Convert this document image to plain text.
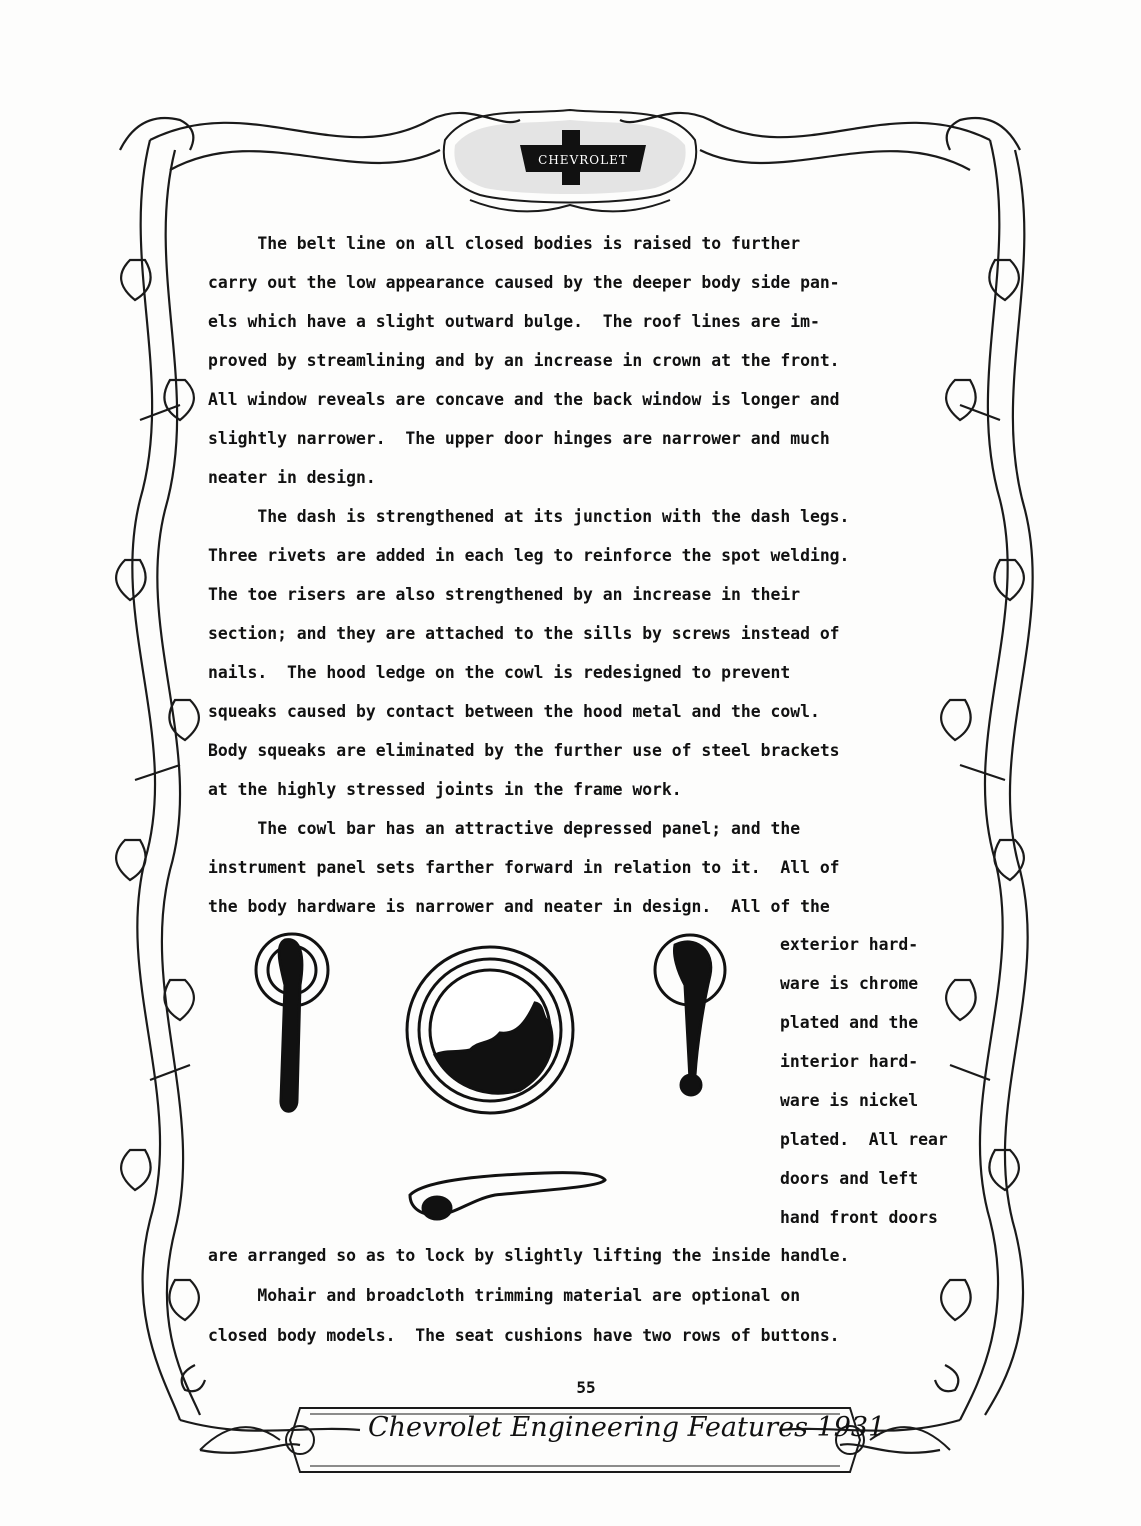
CHEVROLET
The belt line on all closed bodies is raised to further
carry out the low appearance caused by the deeper body side pan-
els which have a slight outward bulge.  The roof lines are im-
proved by streamlining and by an increase in crown at the front.
All window reveals are concave and the back window is longer and
slightly narrower.  The upper door hinges are narrower and much
neater in design.
The dash is strengthened at its junction with the dash legs.
Three rivets are added in each leg to reinforce the spot welding.
The toe risers are also strengthened by an increase in their
section; and they are attached to the sills by screws instead of
nails.  The hood ledge on the cowl is redesigned to prevent
squeaks caused by contact between the hood metal and the cowl.
Body squeaks are eliminated by the further use of steel brackets
at the highly stressed joints in the frame work.
The cowl bar has an attractive depressed panel; and the
instrument panel sets farther forward in relation to it.  All of
the body hardware is narrower and neater in design.  All of the
exterior hard-
ware is chrome
plated and the
interior hard-
ware is nickel
plated.  All rear
doors and left
hand front doors
are arranged so as to lock by slightly lifting the inside handle.
Mohair and broadcloth trimming material are optional on
closed body models.  The seat cushions have two rows of buttons.
55
Chevrolet Engineering Features 1931
